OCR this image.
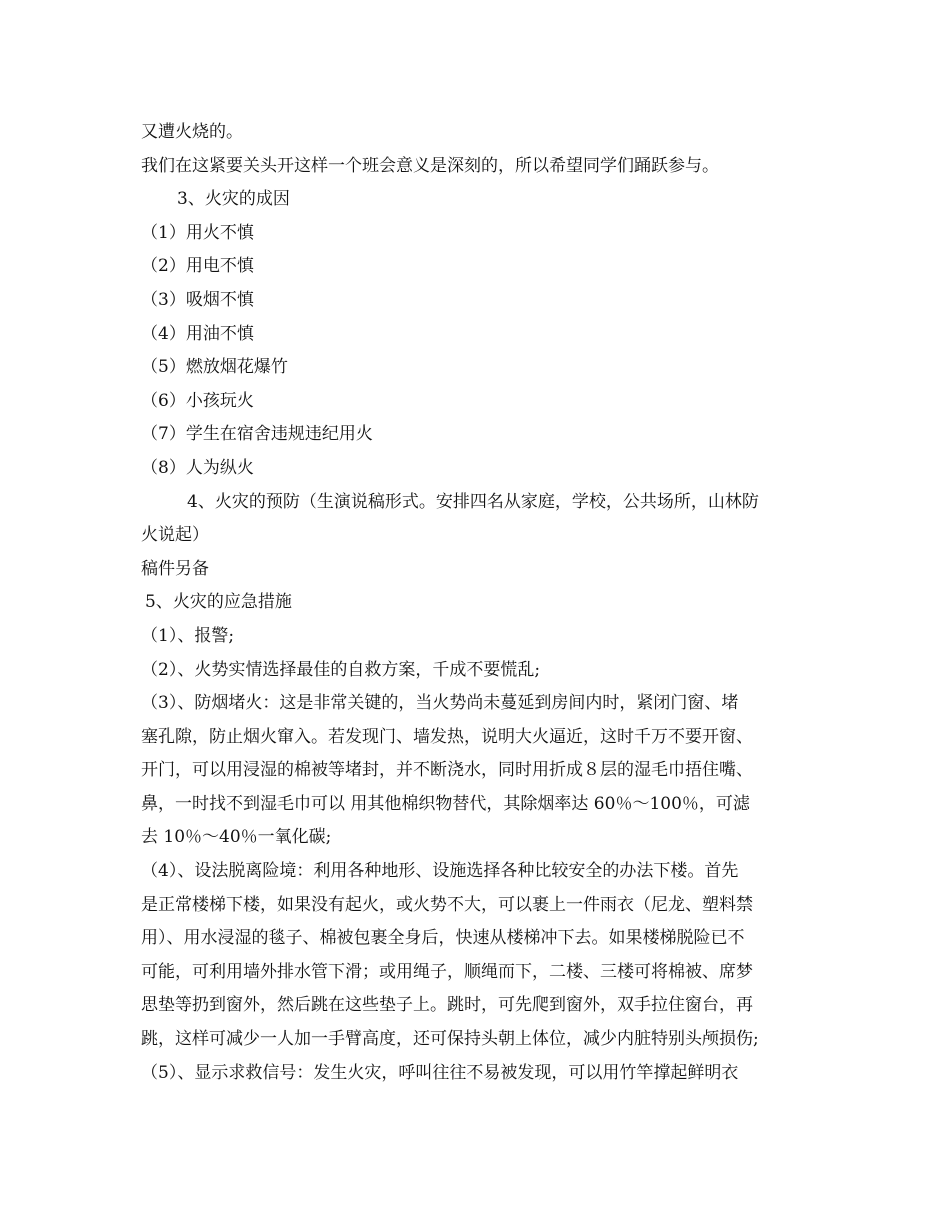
又遭火烧的。
我们在这紧要关头开这样一个班会意义是深刻的，所以希望同学们踊跃参与。
3、火灾的成因
（1）用火不慎
（2）用电不慎
（3）吸烟不慎
（4）用油不慎
（5）燃放烟花爆竹
（6）小孩玩火
（7）学生在宿舍违规违纪用火
（8）人为纵火
4、火灾的预防（生演说稿形式。安排四名从家庭，学校，公共场所，山林防
火说起）
稿件另备
5、火灾的应急措施
（1）、报警;
（2）、火势实情选择最佳的自救方案，千成不要慌乱;
（3）、防烟堵火：这是非常关键的，当火势尚未蔓延到房间内时，紧闭门窗、堵
塞孔隙，防止烟火窜入。若发现门、墙发热，说明大火逼近，这时千万不要开窗、
开门，可以用浸湿的棉被等堵封，并不断浇水，同时用折成８层的湿毛巾捂住嘴、
鼻，一时找不到湿毛巾可以 用其他棉织物替代，其除烟率达 60％～100％，可滤
去 10％～40％一氧化碳;
（4）、设法脱离险境：利用各种地形、设施选择各种比较安全的办法下楼。首先
是正常楼梯下楼，如果没有起火，或火势不大，可以裹上一件雨衣（尼龙、塑料禁
用）、用水浸湿的毯子、棉被包裹全身后，快速从楼梯冲下去。如果楼梯脱险已不
可能，可利用墙外排水管下滑；或用绳子，顺绳而下，二楼、三楼可将棉被、席梦
思垫等扔到窗外，然后跳在这些垫子上。跳时，可先爬到窗外，双手拉住窗台，再
跳，这样可减少一人加一手臂高度，还可保持头朝上体位，减少内脏特别头颅损伤;
（5）、显示求救信号：发生火灾，呼叫往往不易被发现，可以用竹竿撑起鲜明衣
